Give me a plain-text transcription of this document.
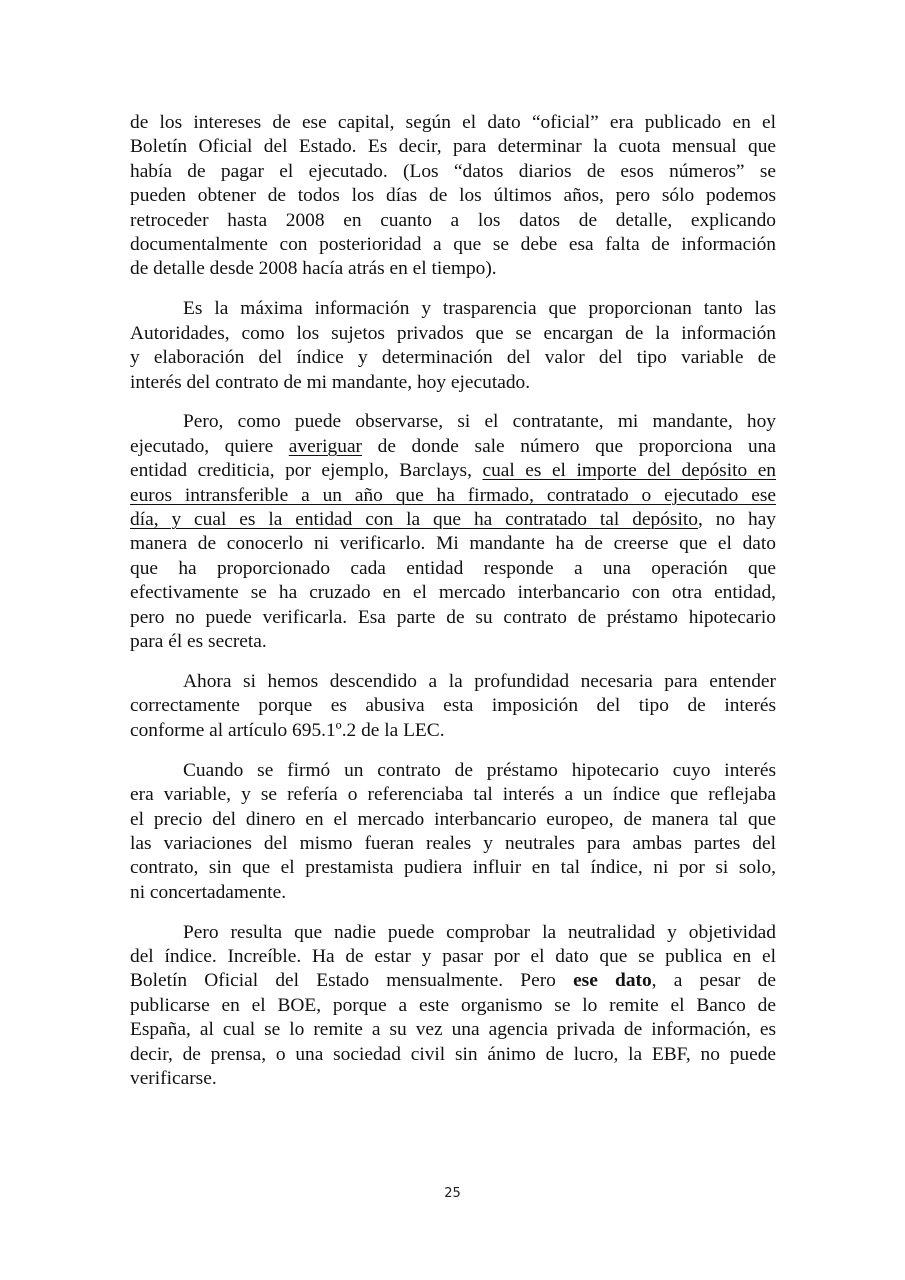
de los intereses de ese capital, según el dato “oficial” era publicado en el
Boletín Oficial del Estado. Es decir, para determinar la cuota mensual que
había de pagar el ejecutado. (Los “datos diarios de esos números” se
pueden obtener de todos los días de los últimos años, pero sólo podemos
retroceder hasta 2008 en cuanto a los datos de detalle, explicando
documentalmente con posterioridad a que se debe esa falta de información
de detalle desde 2008 hacía atrás en el tiempo).
Es la máxima información y trasparencia que proporcionan tanto las
Autoridades, como los sujetos privados que se encargan de la información
y elaboración del índice y determinación del valor del tipo variable de
interés del contrato de mi mandante, hoy ejecutado.
Pero, como puede observarse, si el contratante, mi mandante, hoy
ejecutado, quiere averiguar de donde sale número que proporciona una
entidad crediticia, por ejemplo, Barclays, cual es el importe del depósito en
euros intransferible a un año que ha firmado, contratado o ejecutado ese
día, y cual es la entidad con la que ha contratado tal depósito, no hay
manera de conocerlo ni verificarlo. Mi mandante ha de creerse que el dato
que ha proporcionado cada entidad responde a una operación que
efectivamente se ha cruzado en el mercado interbancario con otra entidad,
pero no puede verificarla. Esa parte de su contrato de préstamo hipotecario
para él es secreta.
Ahora si hemos descendido a la profundidad necesaria para entender
correctamente porque es abusiva esta imposición del tipo de interés
conforme al artículo 695.1º.2 de la LEC.
Cuando se firmó un contrato de préstamo hipotecario cuyo interés
era variable, y se refería o referenciaba tal interés a un índice que reflejaba
el precio del dinero en el mercado interbancario europeo, de manera tal que
las variaciones del mismo fueran reales y neutrales para ambas partes del
contrato, sin que el prestamista pudiera influir en tal índice, ni por si solo,
ni concertadamente.
Pero resulta que nadie puede comprobar la neutralidad y objetividad
del índice. Increíble. Ha de estar y pasar por el dato que se publica en el
Boletín Oficial del Estado mensualmente. Pero ese dato, a pesar de
publicarse en el BOE, porque a este organismo se lo remite el Banco de
España, al cual se lo remite a su vez una agencia privada de información, es
decir, de prensa, o una sociedad civil sin ánimo de lucro, la EBF, no puede
verificarse.
25
